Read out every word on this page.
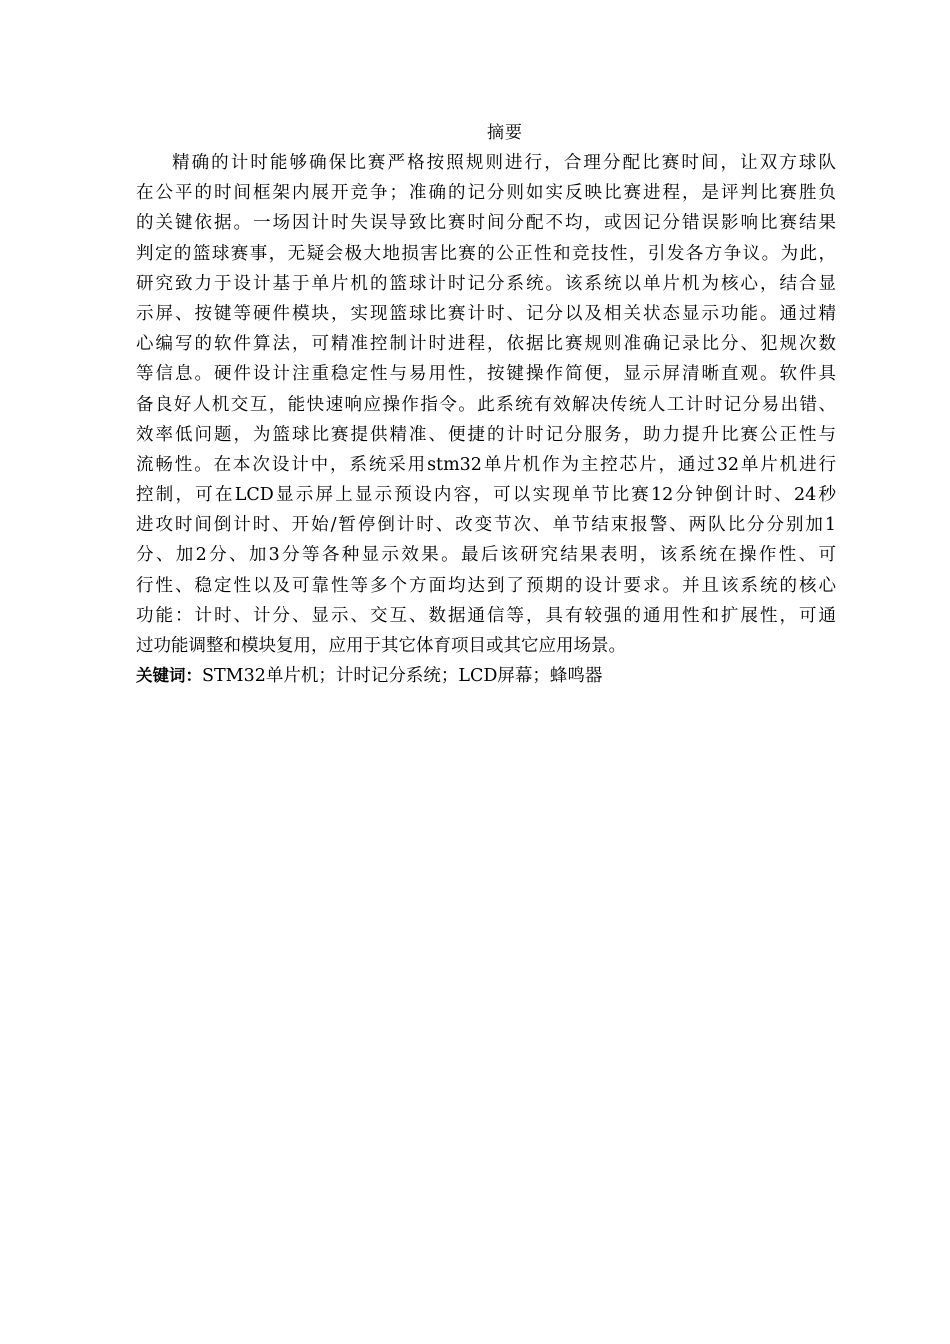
摘要
精确的计时能够确保比赛严格按照规则进行，合理分配比赛时间，让双方球队
在公平的时间框架内展开竞争；准确的记分则如实反映比赛进程，是评判比赛胜负
的关键依据。一场因计时失误导致比赛时间分配不均，或因记分错误影响比赛结果
判定的篮球赛事，无疑会极大地损害比赛的公正性和竞技性，引发各方争议。为此，
研究致力于设计基于单片机的篮球计时记分系统。该系统以单片机为核心，结合显
示屏、按键等硬件模块，实现篮球比赛计时、记分以及相关状态显示功能。通过精
心编写的软件算法，可精准控制计时进程，依据比赛规则准确记录比分、犯规次数
等信息。硬件设计注重稳定性与易用性，按键操作简便，显示屏清晰直观。软件具
备良好人机交互，能快速响应操作指令。此系统有效解决传统人工计时记分易出错、
效率低问题，为篮球比赛提供精准、便捷的计时记分服务，助力提升比赛公正性与
流畅性。在本次设计中，系统采用stm32单片机作为主控芯片，通过32单片机进行
控制，可在LCD显示屏上显示预设内容，可以实现单节比赛12分钟倒计时、24秒
进攻时间倒计时、开始/暂停倒计时、改变节次、单节结束报警、两队比分分别加1
分、加2分、加3分等各种显示效果。最后该研究结果表明，该系统在操作性、可
行性、稳定性以及可靠性等多个方面均达到了预期的设计要求。并且该系统的核心
功能：计时、计分、显示、交互、数据通信等，具有较强的通用性和扩展性，可通
过功能调整和模块复用，应用于其它体育项目或其它应用场景。
关键词：STM32单片机；计时记分系统；LCD屏幕；蜂鸣器
